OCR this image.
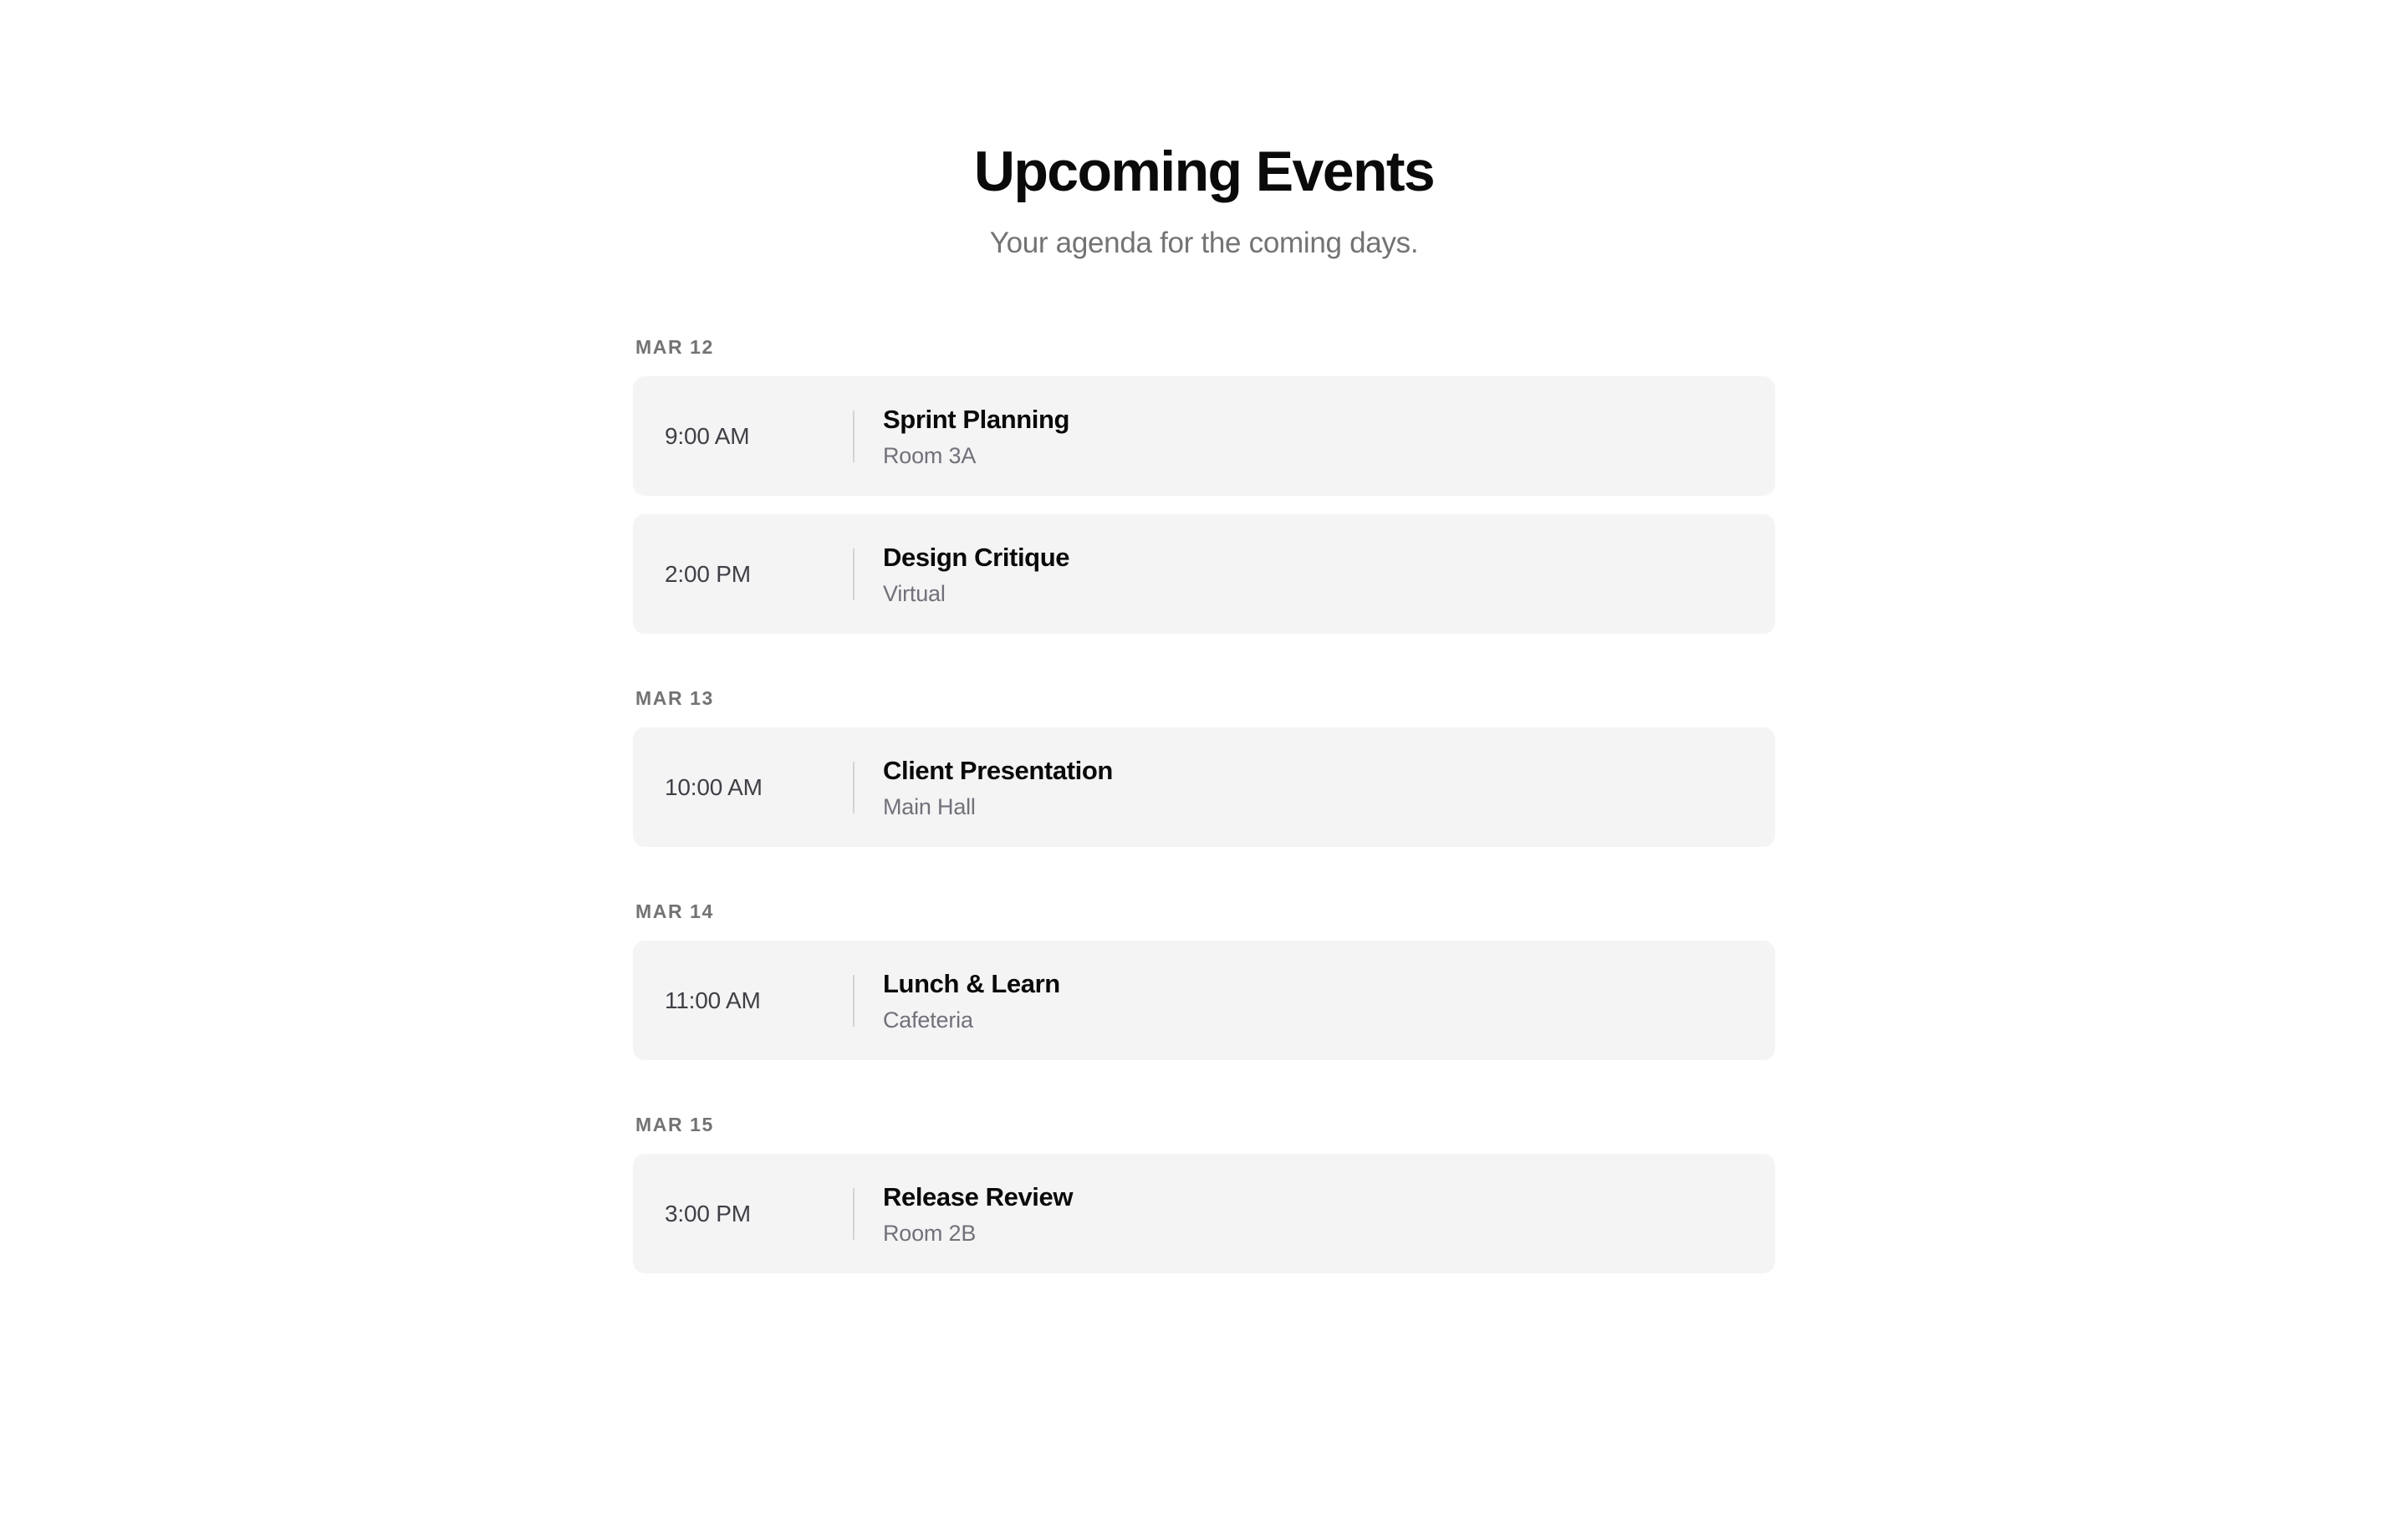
Upcoming Events

Your agenda for the coming days.

MAR 12
9:00 AM
Sprint Planning
Room 3A
2:00 PM
Design Critique
Virtual
MAR 13
10:00 AM
Client Presentation
Main Hall
MAR 14
11:00 AM
Lunch & Learn
Cafeteria
MAR 15
3:00 PM
Release Review
Room 2B
